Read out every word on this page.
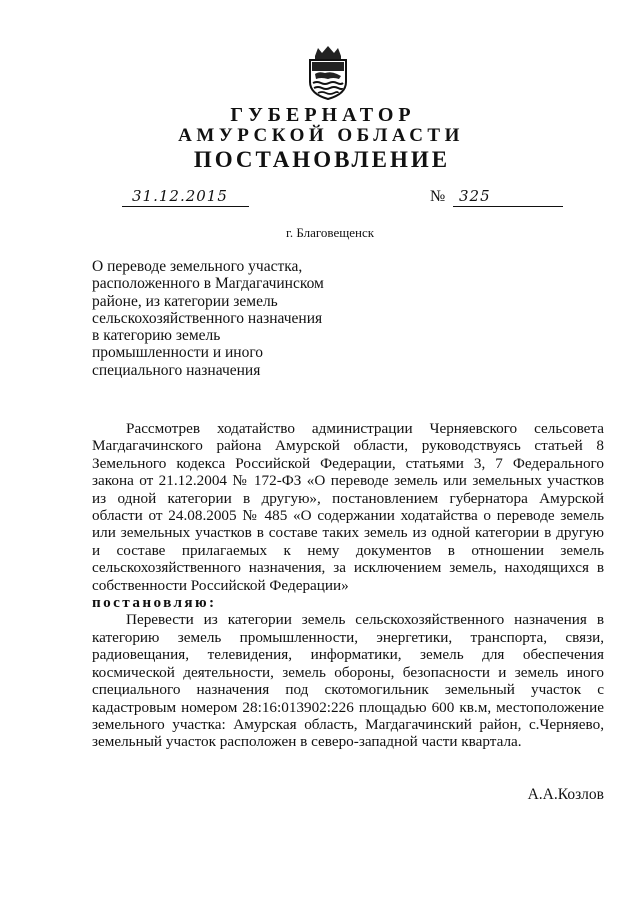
ГУБЕРНАТОР
АМУРСКОЙ ОБЛАСТИ
ПОСТАНОВЛЕНИЕ
31.12.2015	№ 325
г. Благовещенск
О переводе земельного участка,
расположенного в Магдагачинском
районе, из категории земель
сельскохозяйственного назначения
в категорию земель
промышленности и иного
специального назначения

Рассмотрев ходатайство администрации Черняевского сельсовета Магдагачинского района Амурской области, руководствуясь статьей 8 Земельного кодекса Российской Федерации, статьями 3, 7 Федерального закона от 21.12.2004 № 172-ФЗ «О переводе земель или земельных участков из одной категории в другую», постановлением губернатора Амурской области от 24.08.2005 № 485 «О содержании ходатайства о переводе земель или земельных участков в составе таких земель из одной категории в другую и составе прилагаемых к нему документов в отношении земель сельскохозяйственного назначения, за исключением земель, находящихся в собственности Российской Федерации»

постановляю:

Перевести из категории земель сельскохозяйственного назначения в категорию земель промышленности, энергетики, транспорта, связи, радиовещания, телевидения, информатики, земель для обеспечения космической деятельности, земель обороны, безопасности и земель иного специального назначения под скотомогильник земельный участок с кадастровым номером 28:16:013902:226 площадью 600 кв.м, местоположение земельного участка: Амурская область, Магдагачинский район, с.Черняево, земельный участок расположен в северо-западной части квартала.

А.А.Козлов
